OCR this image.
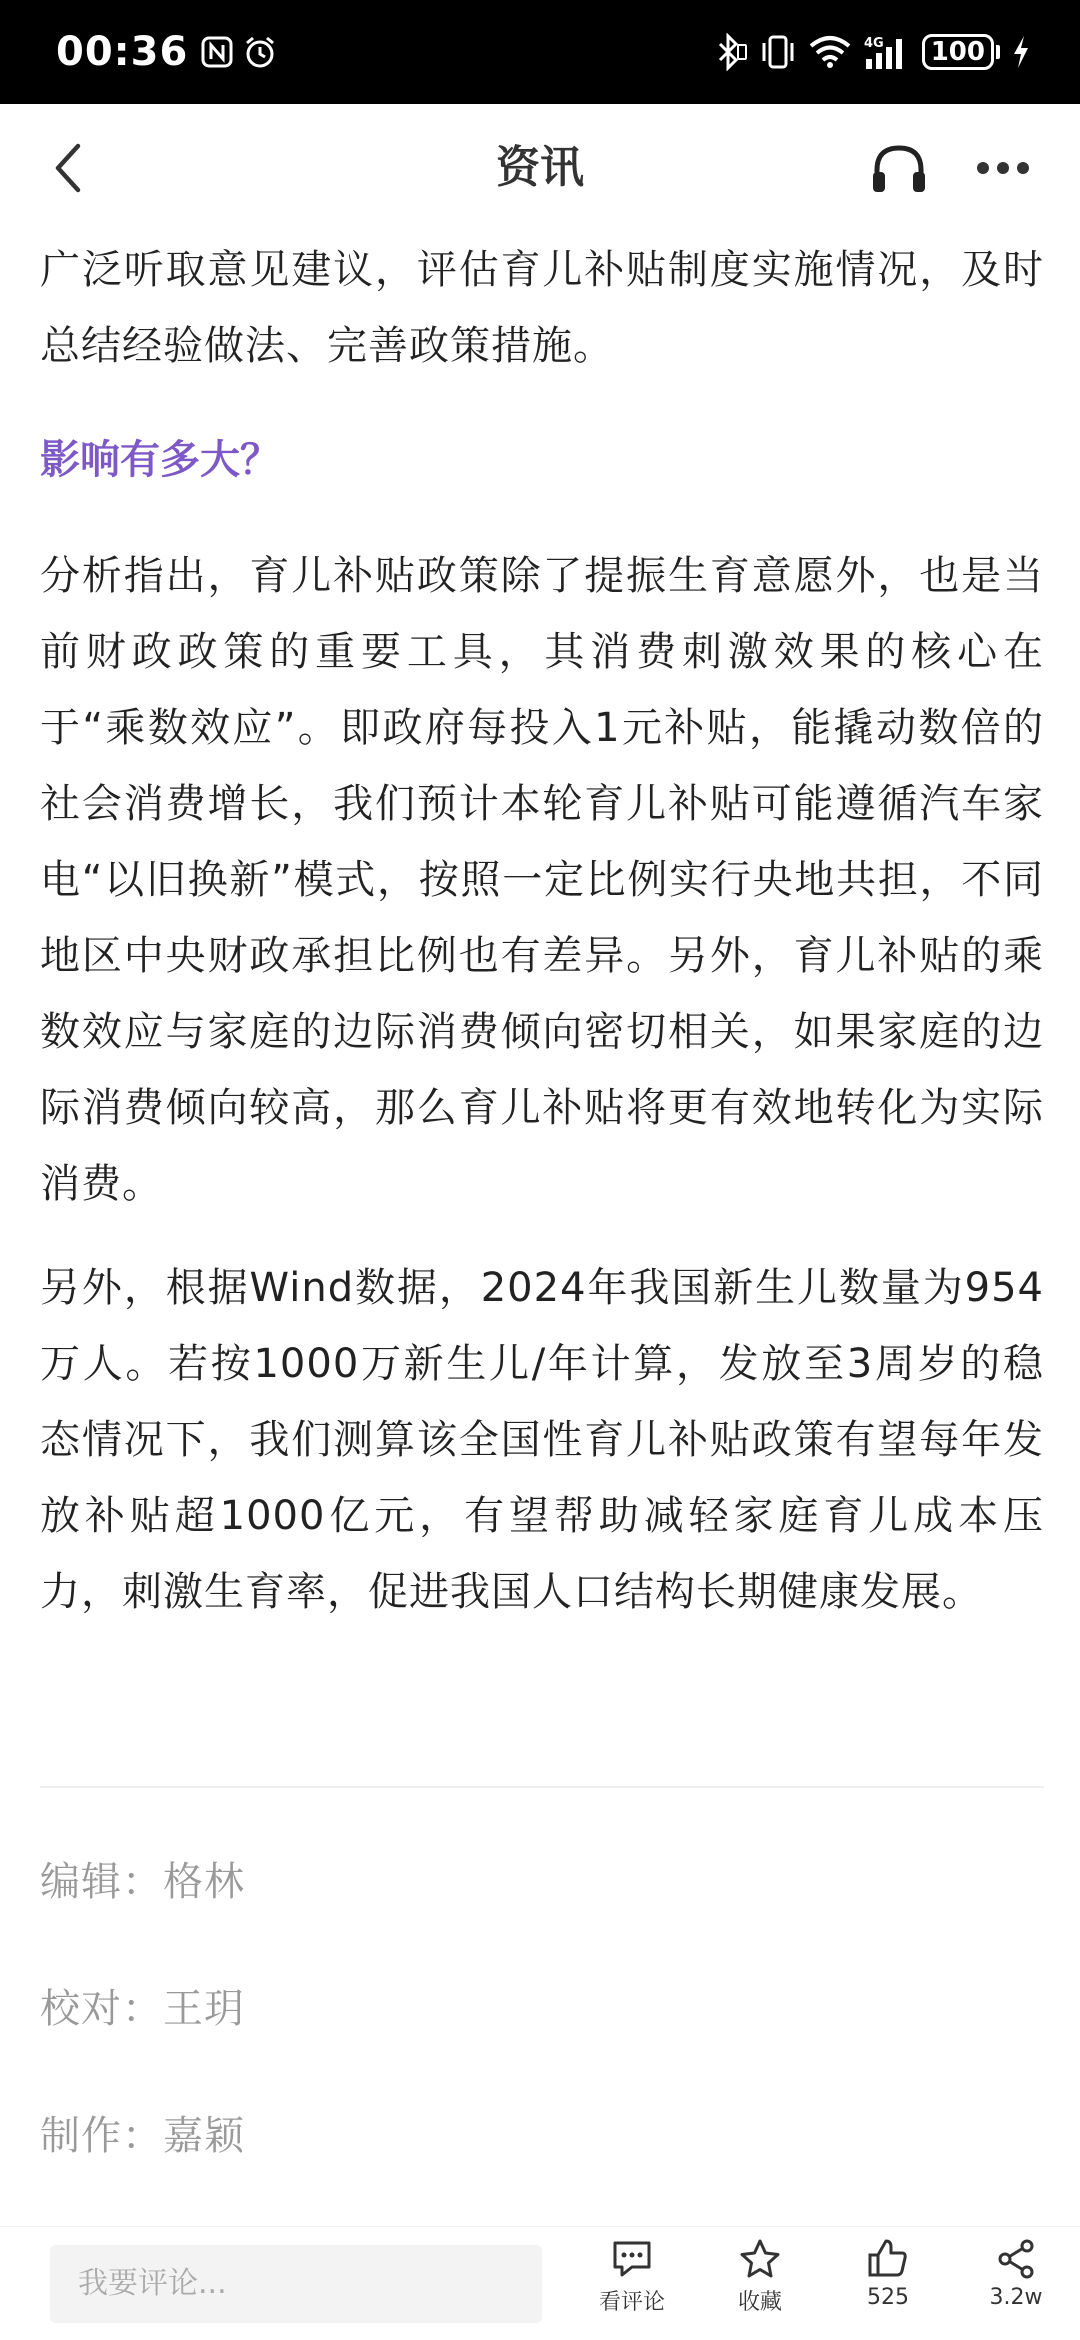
00:36	4G	100
资讯

广泛听取意见建议，评估育儿补贴制度实施情况，及时总结经验做法、完善政策措施。

影响有多大？

分析指出，育儿补贴政策除了提振生育意愿外，也是当前财政政策的重要工具，其消费刺激效果的核心在于“乘数效应”。即政府每投入1元补贴，能撬动数倍的社会消费增长，我们预计本轮育儿补贴可能遵循汽车家电“以旧换新”模式，按照一定比例实行央地共担，不同地区中央财政承担比例也有差异。另外，育儿补贴的乘数效应与家庭的边际消费倾向密切相关，如果家庭的边际消费倾向较高，那么育儿补贴将更有效地转化为实际消费。

另外，根据Wind数据，2024年我国新生儿数量为954万人。若按1000万新生儿/年计算，发放至3周岁的稳态情况下，我们测算该全国性育儿补贴政策有望每年发放补贴超1000亿元，有望帮助减轻家庭育儿成本压力，刺激生育率，促进我国人口结构长期健康发展。

编辑：格林
校对：王玥
制作：嘉颖
我要评论...
看评论	收藏	525	3.2w
